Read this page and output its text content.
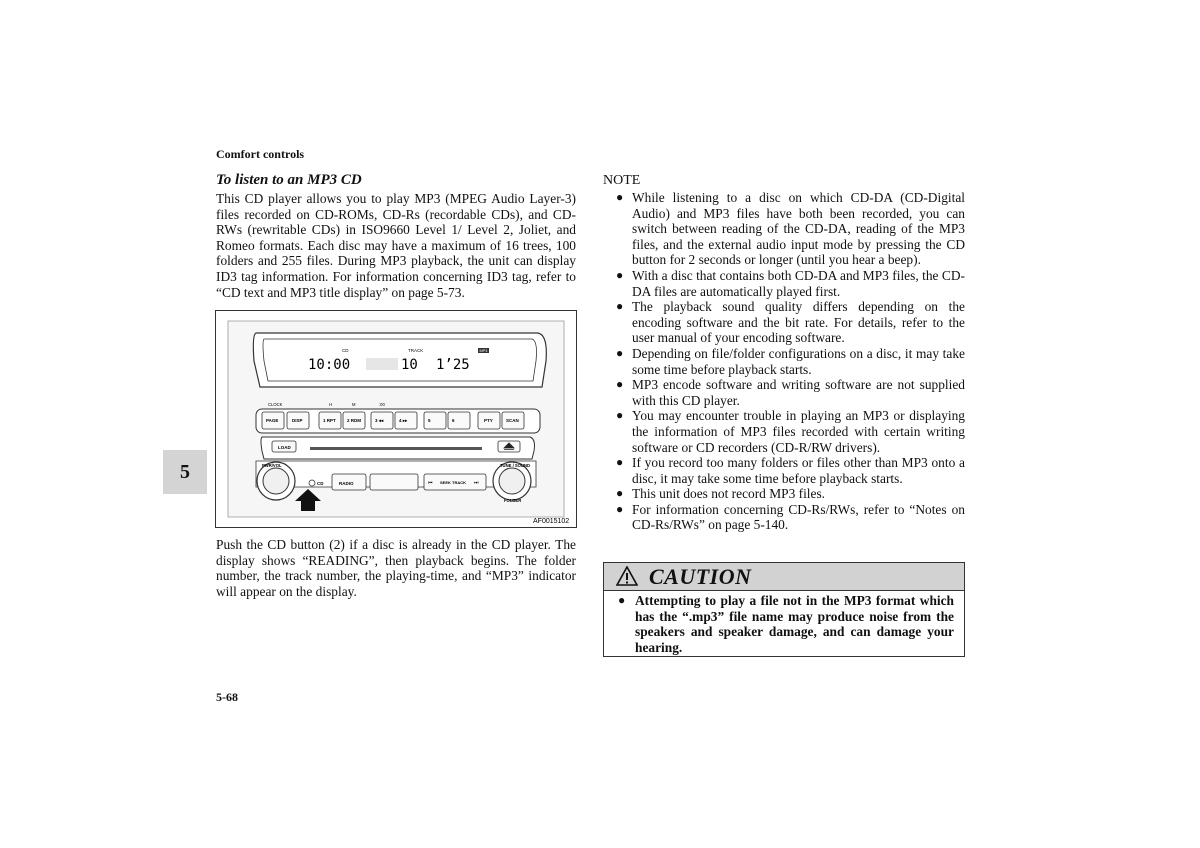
Comfort controls
To listen to an MP3 CD
This CD player allows you to play MP3 (MPEG Audio Layer-3) files recorded on CD-ROMs, CD-Rs (recordable CDs), and CD-RWs (rewritable CDs) in ISO9660 Level 1/ Level 2, Joliet, and Romeo formats. Each disc may have a maximum of 16 trees, 100 folders and 255 files. During MP3 playback, the unit can display ID3 tag information. For information concerning ID3 tag, refer to “CD text and MP3 title display” on page 5-73.
CD	TRACK	MP3
10:00	10 1’25
CLOCK	H	M	:00
PAGE	DISP	1 RPT 2 RDM	3 ◂◂	4 ▸▸	5	6	PTY	SCAN
LOAD
PWR/VOL
CD	RADIO	⏮	⏭
SEEK TRACK
TUNE / SOUND
FOLDER
AF0015102
Push the CD button (2) if a disc is already in the CD player. The display shows “READING”, then playback begins. The folder number, the track number, the playing-time, and “MP3” indicator will appear on the display.
5
5-68
NOTE
● While listening to a disc on which CD-DA (CD-Digital Audio) and MP3 files have both been recorded, you can switch between reading of the CD-DA, reading of the MP3 files, and the external audio input mode by pressing the CD button for 2 seconds or longer (until you hear a beep).
● With a disc that contains both CD-DA and MP3 files, the CD-DA files are automatically played first.
● The playback sound quality differs depending on the encoding software and the bit rate. For details, refer to the user manual of your encoding software.
● Depending on file/folder configurations on a disc, it may take some time before playback starts.
● MP3 encode software and writing software are not supplied with this CD player.
● You may encounter trouble in playing an MP3 or displaying the information of MP3 files recorded with certain writing software or CD recorders (CD-R/RW drivers).
● If you record too many folders or files other than MP3 onto a disc, it may take some time before playback starts.
● This unit does not record MP3 files.
● For information concerning CD-Rs/RWs, refer to “Notes on CD-Rs/RWs” on page 5-140.
CAUTION
● Attempting to play a file not in the MP3 format which has the “.mp3” file name may produce noise from the speakers and speaker damage, and can damage your hearing.
